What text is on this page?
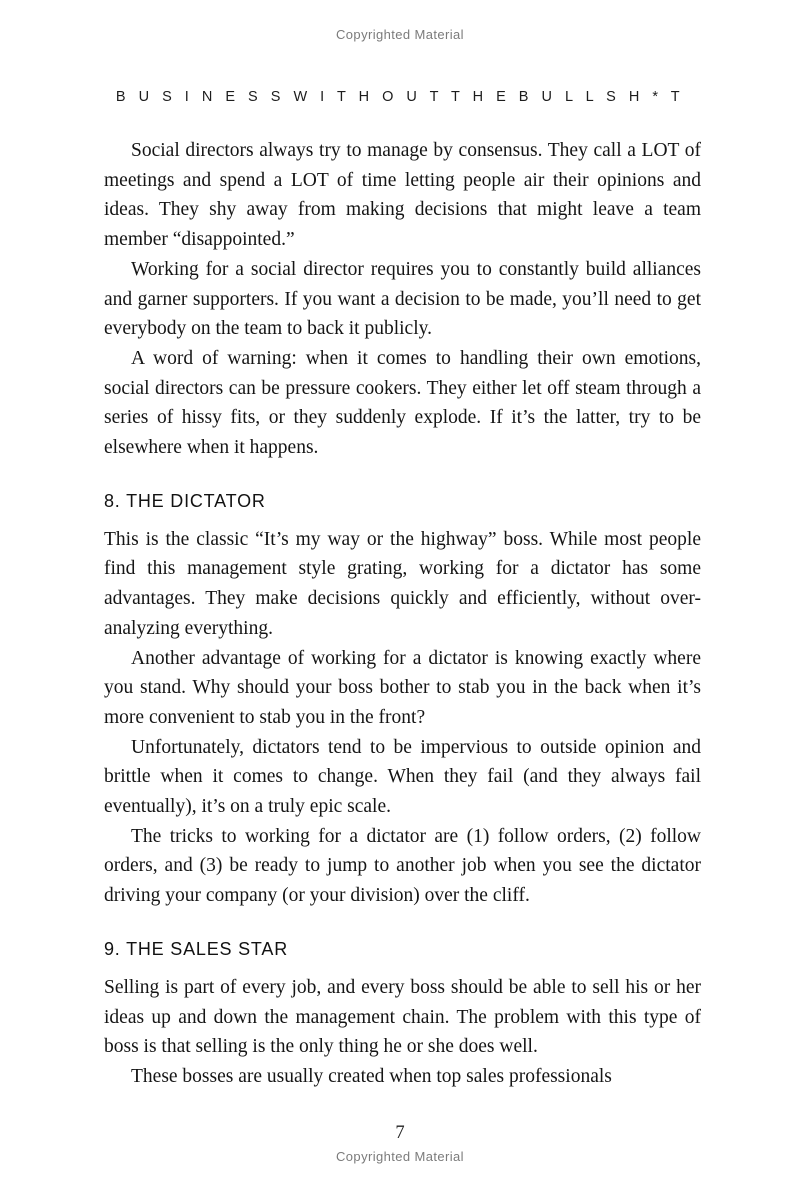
Copyrighted Material
B U S I N E S S W I T H O U T T H E B U L L S H * T

Social directors always try to manage by consensus. They call a LOT of meetings and spend a LOT of time letting people air their opinions and ideas. They shy away from making decisions that might leave a team member “disappointed.”

Working for a social director requires you to constantly build alliances and garner supporters. If you want a decision to be made, you’ll need to get everybody on the team to back it publicly.

A word of warning: when it comes to handling their own emotions, social directors can be pressure cookers. They either let off steam through a series of hissy fits, or they suddenly explode. If it’s the latter, try to be elsewhere when it happens.

8. THE DICTATOR

This is the classic “It’s my way or the highway” boss. While most people find this management style grating, working for a dictator has some advantages. They make decisions quickly and efficiently, without over-analyzing everything.

Another advantage of working for a dictator is knowing exactly where you stand. Why should your boss bother to stab you in the back when it’s more convenient to stab you in the front?

Unfortunately, dictators tend to be impervious to outside opinion and brittle when it comes to change. When they fail (and they always fail eventually), it’s on a truly epic scale.

The tricks to working for a dictator are (1) follow orders, (2) follow orders, and (3) be ready to jump to another job when you see the dictator driving your company (or your division) over the cliff.

9. THE SALES STAR

Selling is part of every job, and every boss should be able to sell his or her ideas up and down the management chain. The problem with this type of boss is that selling is the only thing he or she does well.

These bosses are usually created when top sales professionals

7
Copyrighted Material
